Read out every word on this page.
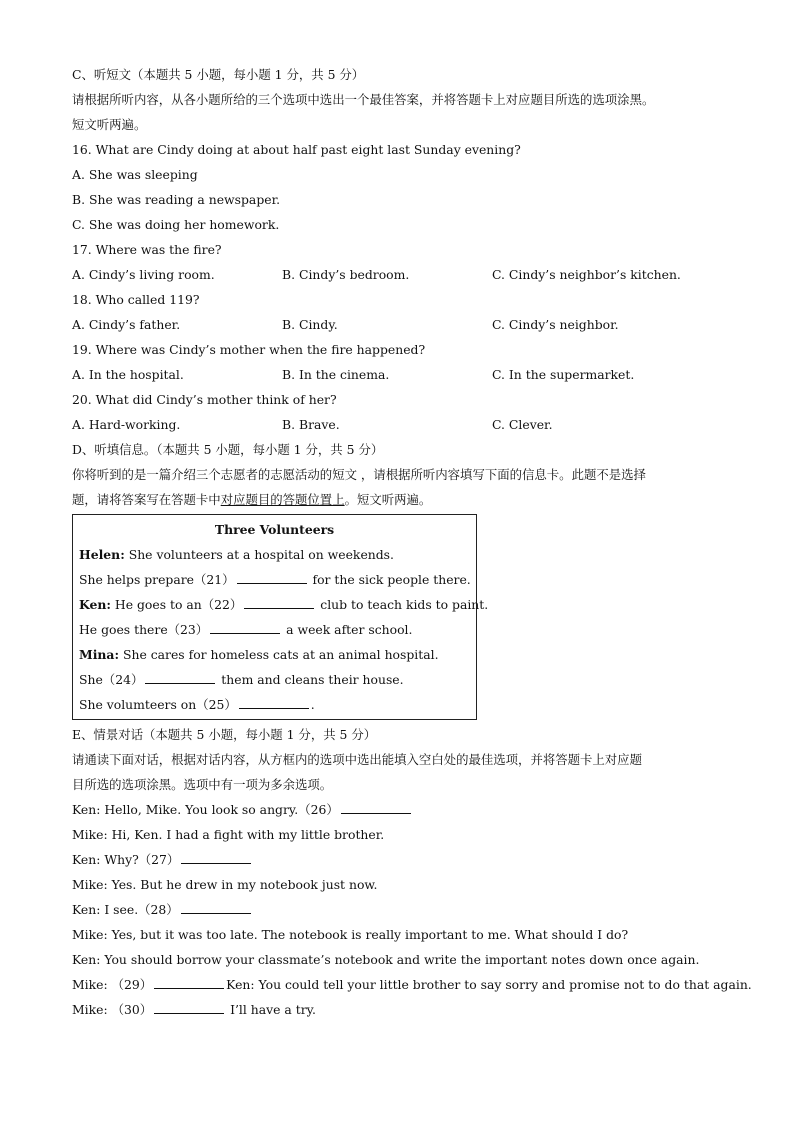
C、听短文（本题共 5 小题，每小题 1 分，共 5 分）
请根据所听内容，从各小题所给的三个选项中选出一个最佳答案，并将答题卡上对应题目所选的选项涂黑。
短文听两遍。
16. What are Cindy doing at about half past eight last Sunday evening?
A. She was sleeping
B. She was reading a newspaper.
C. She was doing her homework.
17. Where was the fire?
A. Cindy’s living room.	B. Cindy’s bedroom.	C. Cindy’s neighbor’s kitchen.
18. Who called 119?
A. Cindy’s father.	B. Cindy.	C. Cindy’s neighbor.
19. Where was Cindy’s mother when the fire happened?
A. In the hospital.	B. In the cinema.	C. In the supermarket.
20. What did Cindy’s mother think of her?
A. Hard-working.	B. Brave.	C. Clever.
D、听填信息。（本题共 5 小题，每小题 1 分，共 5 分）
你将听到的是一篇介绍三个志愿者的志愿活动的短文 ，请根据所听内容填写下面的信息卡。此题不是选择
题，请将答案写在答题卡中对应题目的答题位置上。短文听两遍。
Three Volunteers
Helen: She volunteers at a hospital on weekends.
She helps prepare（21）	for the sick people there.
Ken: He goes to an（22）	club to teach kids to paint.
He goes there（23）	a week after school.
Mina: She cares for homeless cats at an animal hospital.
She（24）	them and cleans their house.
She volumteers on（25）	.
E、情景对话（本题共 5 小题，每小题 1 分，共 5 分）
请通读下面对话，根据对话内容，从方框内的选项中选出能填入空白处的最佳选项，并将答题卡上对应题
目所选的选项涂黑。选项中有一项为多余选项。
Ken: Hello, Mike. You look so angry.（26）
Mike: Hi, Ken. I had a fight with my little brother.
Ken: Why?（27）
Mike: Yes. But he drew in my notebook just now.
Ken: I see.（28）
Mike: Yes, but it was too late. The notebook is really important to me. What should I do?
Ken: You should borrow your classmate’s notebook and write the important notes down once again.
Mike: （29）	Ken: You could tell your little brother to say sorry and promise not to do that again.
Mike: （30）	I’ll have a try.
